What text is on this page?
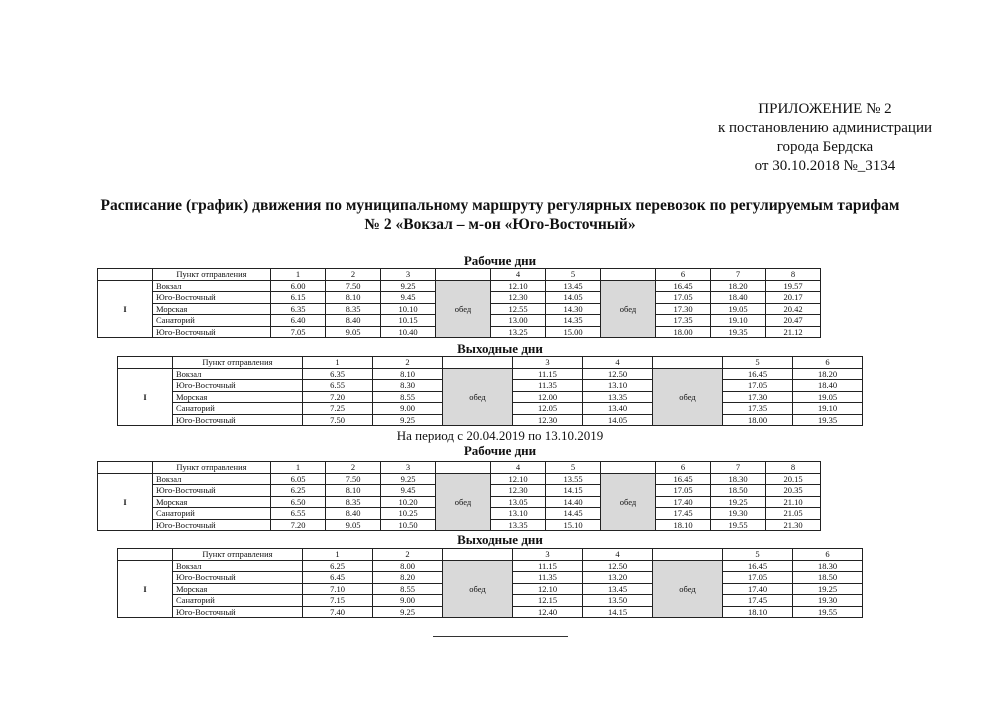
ПРИЛОЖЕНИЕ № 2
к постановлению администрации
города Бердска
от 30.10.2018 №_3134
Расписание (график) движения по муниципальному маршруту регулярных перевозок по регулируемым тарифам
№ 2 «Вокзал – м-он «Юго-Восточный»
Рабочие дни
	Пункт отправления	1	2	3		4	5		6	7	8
I	Вокзал	6.00	7.50	9.25	обед	12.10	13.45	обед	16.45	18.20	19.57
	Юго-Восточный	6.15	8.10	9.45		12.30	14.05		17.05	18.40	20.17
	Морская	6.35	8.35	10.10		12.55	14.30		17.30	19.05	20.42
	Санаторий	6.40	8.40	10.15		13.00	14.35		17.35	19.10	20.47
	Юго-Восточный	7.05	9.05	10.40		13.25	15.00		18.00	19.35	21.12
Выходные дни
	Пункт отправления	1	2		3	4		5	6
I	Вокзал	6.35	8.10	обед	11.15	12.50	обед	16.45	18.20
	Юго-Восточный	6.55	8.30		11.35	13.10		17.05	18.40
	Морская	7.20	8.55		12.00	13.35		17.30	19.05
	Санаторий	7.25	9.00		12.05	13.40		17.35	19.10
	Юго-Восточный	7.50	9.25		12.30	14.05		18.00	19.35
На период с 20.04.2019 по 13.10.2019
Рабочие дни
	Пункт отправления	1	2	3		4	5		6	7	8
I	Вокзал	6.05	7.50	9.25	обед	12.10	13.55	обед	16.45	18.30	20.15
	Юго-Восточный	6.25	8.10	9.45		12.30	14.15		17.05	18.50	20.35
	Морская	6.50	8.35	10.20		13.05	14.40		17.40	19.25	21.10
	Санаторий	6.55	8.40	10.25		13.10	14.45		17.45	19.30	21.05
	Юго-Восточный	7.20	9.05	10.50		13.35	15.10		18.10	19.55	21.30
Выходные дни
	Пункт отправления	1	2		3	4		5	6
I	Вокзал	6.25	8.00	обед	11.15	12.50	обед	16.45	18.30
	Юго-Восточный	6.45	8.20		11.35	13.20		17.05	18.50
	Морская	7.10	8.55		12.10	13.45		17.40	19.25
	Санаторий	7.15	9.00		12.15	13.50		17.45	19.30
	Юго-Восточный	7.40	9.25		12.40	14.15		18.10	19.55
